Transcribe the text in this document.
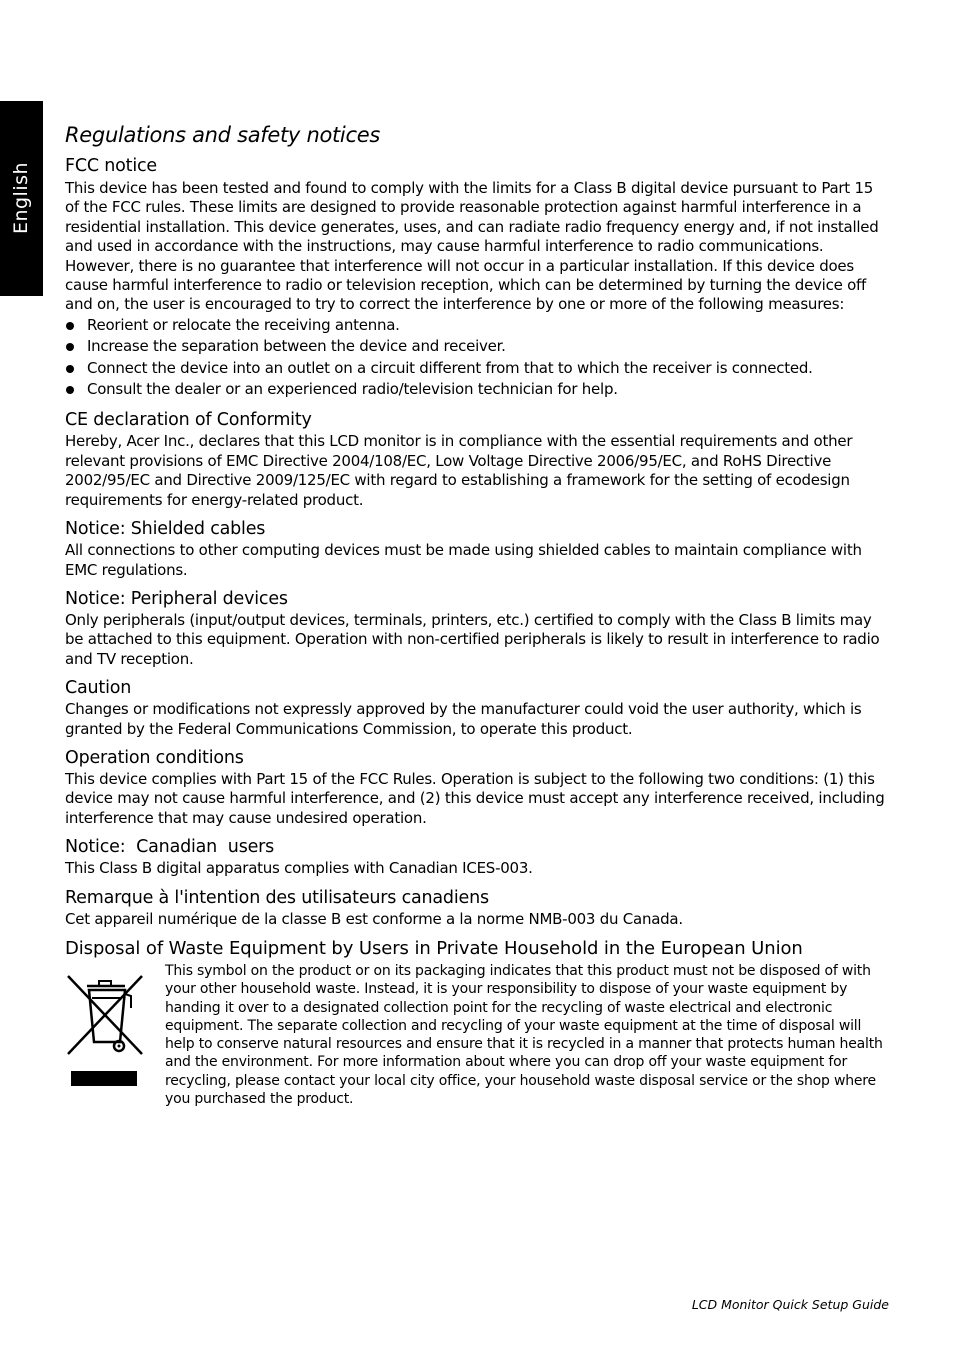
English
Regulations and safety notices
FCC notice

This device has been tested and found to comply with the limits for a Class B digital device pursuant to Part 15 of the FCC rules. These limits are designed to provide reasonable protection against harmful interference in a residential installation. This device generates, uses, and can radiate radio frequency energy and, if not installed and used in accordance with the instructions, may cause harmful interference to radio communications.

However, there is no guarantee that interference will not occur in a particular installation. If this device does cause harmful interference to radio or television reception, which can be determined by turning the device off and on, the user is encouraged to try to correct the interference by one or more of the following measures:

Reorient or relocate the receiving antenna.
Increase the separation between the device and receiver.
Connect the device into an outlet on a circuit different from that to which the receiver is connected.
Consult the dealer or an experienced radio/television technician for help.
CE declaration of Conformity

Hereby, Acer Inc., declares that this LCD monitor is in compliance with the essential requirements and other relevant provisions of EMC Directive 2004/108/EC, Low Voltage Directive 2006/95/EC, and RoHS Directive 2002/95/EC and Directive 2009/125/EC with regard to establishing a framework for the setting of ecodesign requirements for energy-related product.

Notice: Shielded cables

All connections to other computing devices must be made using shielded cables to maintain compliance with EMC regulations.

Notice: Peripheral devices

Only peripherals (input/output devices, terminals, printers, etc.) certified to comply with the Class B limits may be attached to this equipment. Operation with non-certified peripherals is likely to result in interference to radio and TV reception.

Caution

Changes or modifications not expressly approved by the manufacturer could void the user authority, which is granted by the Federal Communications Commission, to operate this product.

Operation conditions

This device complies with Part 15 of the FCC Rules. Operation is subject to the following two conditions: (1) this device may not cause harmful interference, and (2) this device must accept any interference received, including interference that may cause undesired operation.

Notice:  Canadian  users

This Class B digital apparatus complies with Canadian ICES-003.

Remarque à l'intention des utilisateurs canadiens

Cet appareil numérique de la classe B est conforme a la norme NMB-003 du Canada.

Disposal of Waste Equipment by Users in Private Household in the European Union

This symbol on the product or on its packaging indicates that this product must not be disposed of with your other household waste. Instead, it is your responsibility to dispose of your waste equipment by handing it over to a designated collection point for the recycling of waste electrical and electronic equipment. The separate collection and recycling of your waste equipment at the time of disposal will help to conserve natural resources and ensure that it is recycled in a manner that protects human health and the environment. For more information about where you can drop off your waste equipment for recycling, please contact your local city office, your household waste disposal service or the shop where you purchased the product.

LCD Monitor Quick Setup Guide
